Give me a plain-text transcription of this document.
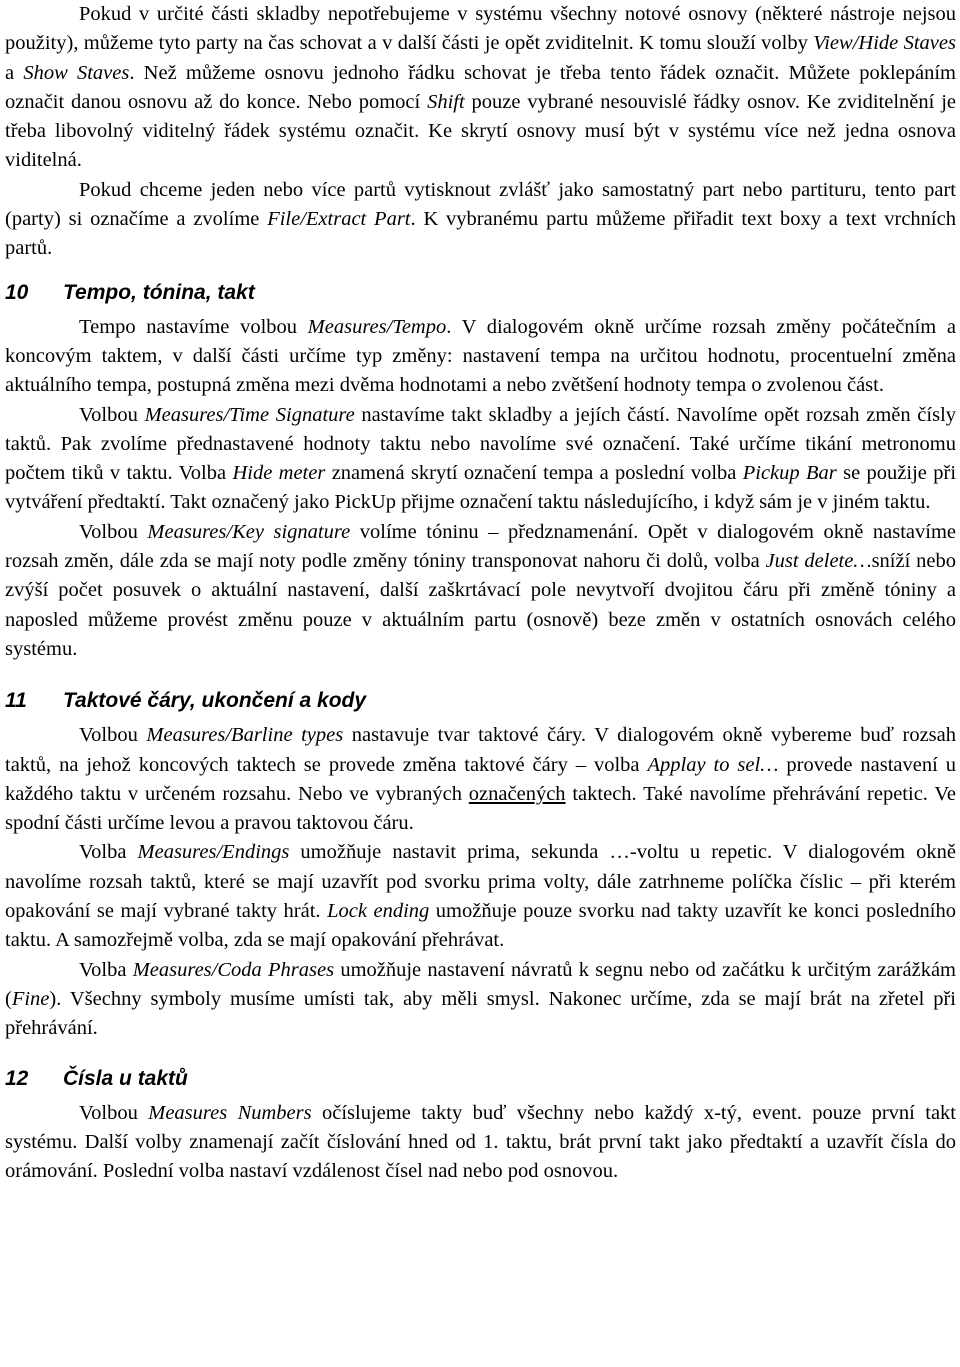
Pokud v určité části skladby nepotřebujeme v systému všechny notové osnovy (některé nástroje nejsou použity), můžeme tyto party na čas schovat a v další části je opět zviditelnit. K tomu slouží volby View/Hide Staves a Show Staves. Než můžeme osnovu jednoho řádku schovat je třeba tento řádek označit. Můžete poklepáním označit danou osnovu až do konce. Nebo pomocí Shift pouze vybrané nesouvislé řádky osnov. Ke zviditelnění je třeba libovolný viditelný řádek systému označit. Ke skrytí osnovy musí být v systému více než jedna osnova viditelná.

Pokud chceme jeden nebo více partů vytisknout zvlášť jako samostatný part nebo partituru, tento part (party) si označíme a zvolíme File/Extract Part. K vybranému partu můžeme přiřadit text boxy a text vrchních partů.

10 Tempo, tónina, takt

Tempo nastavíme volbou Measures/Tempo. V dialogovém okně určíme rozsah změny počátečním a koncovým taktem, v další části určíme typ změny: nastavení tempa na určitou hodnotu, procentuelní změna aktuálního tempa, postupná změna mezi dvěma hodnotami a nebo zvětšení hodnoty tempa o zvolenou část.

Volbou Measures/Time Signature nastavíme takt skladby a jejích částí. Navolíme opět rozsah změn čísly taktů. Pak zvolíme přednastavené hodnoty taktu nebo navolíme své označení. Také určíme tikání metronomu počtem tiků v taktu. Volba Hide meter znamená skrytí označení tempa a poslední volba Pickup Bar se použije při vytváření předtaktí. Takt označený jako PickUp přijme označení taktu následujícího, i když sám je v jiném taktu.

Volbou Measures/Key signature volíme tóninu – předznamenání. Opět v dialogovém okně nastavíme rozsah změn, dále zda se mají noty podle změny tóniny transponovat nahoru či dolů, volba Just delete…sníží nebo zvýší počet posuvek o aktuální nastavení, další zaškrtávací pole nevytvoří dvojitou čáru při změně tóniny a naposled můžeme provést změnu pouze v aktuálním partu (osnově) beze změn v ostatních osnovách celého systému.

11 Taktové čáry, ukončení a kody

Volbou Measures/Barline types nastavuje tvar taktové čáry. V dialogovém okně vybereme buď rozsah taktů, na jehož koncových taktech se provede změna taktové čáry – volba Applay to sel… provede nastavení u každého taktu v určeném rozsahu. Nebo ve vybraných označených taktech. Také navolíme přehrávání repetic. Ve spodní části určíme levou a pravou taktovou čáru.

Volba Measures/Endings umožňuje nastavit prima, sekunda …-voltu u repetic. V dialogovém okně navolíme rozsah taktů, které se mají uzavřít pod svorku prima volty, dále zatrhneme políčka číslic – při kterém opakování se mají vybrané takty hrát. Lock ending umožňuje pouze svorku nad takty uzavřít ke konci posledního taktu. A samozřejmě volba, zda se mají opakování přehrávat.

Volba Measures/Coda Phrases umožňuje nastavení návratů k segnu nebo od začátku k určitým zarážkám (Fine). Všechny symboly musíme umísti tak, aby měli smysl. Nakonec určíme, zda se mají brát na zřetel při přehrávání.

12 Čísla u taktů

Volbou Measures Numbers očíslujeme takty buď všechny nebo každý x-tý, event. pouze první takt systému. Další volby znamenají začít číslování hned od 1. taktu, brát první takt jako předtaktí a uzavřít čísla do orámování. Poslední volba nastaví vzdálenost čísel nad nebo pod osnovou.
